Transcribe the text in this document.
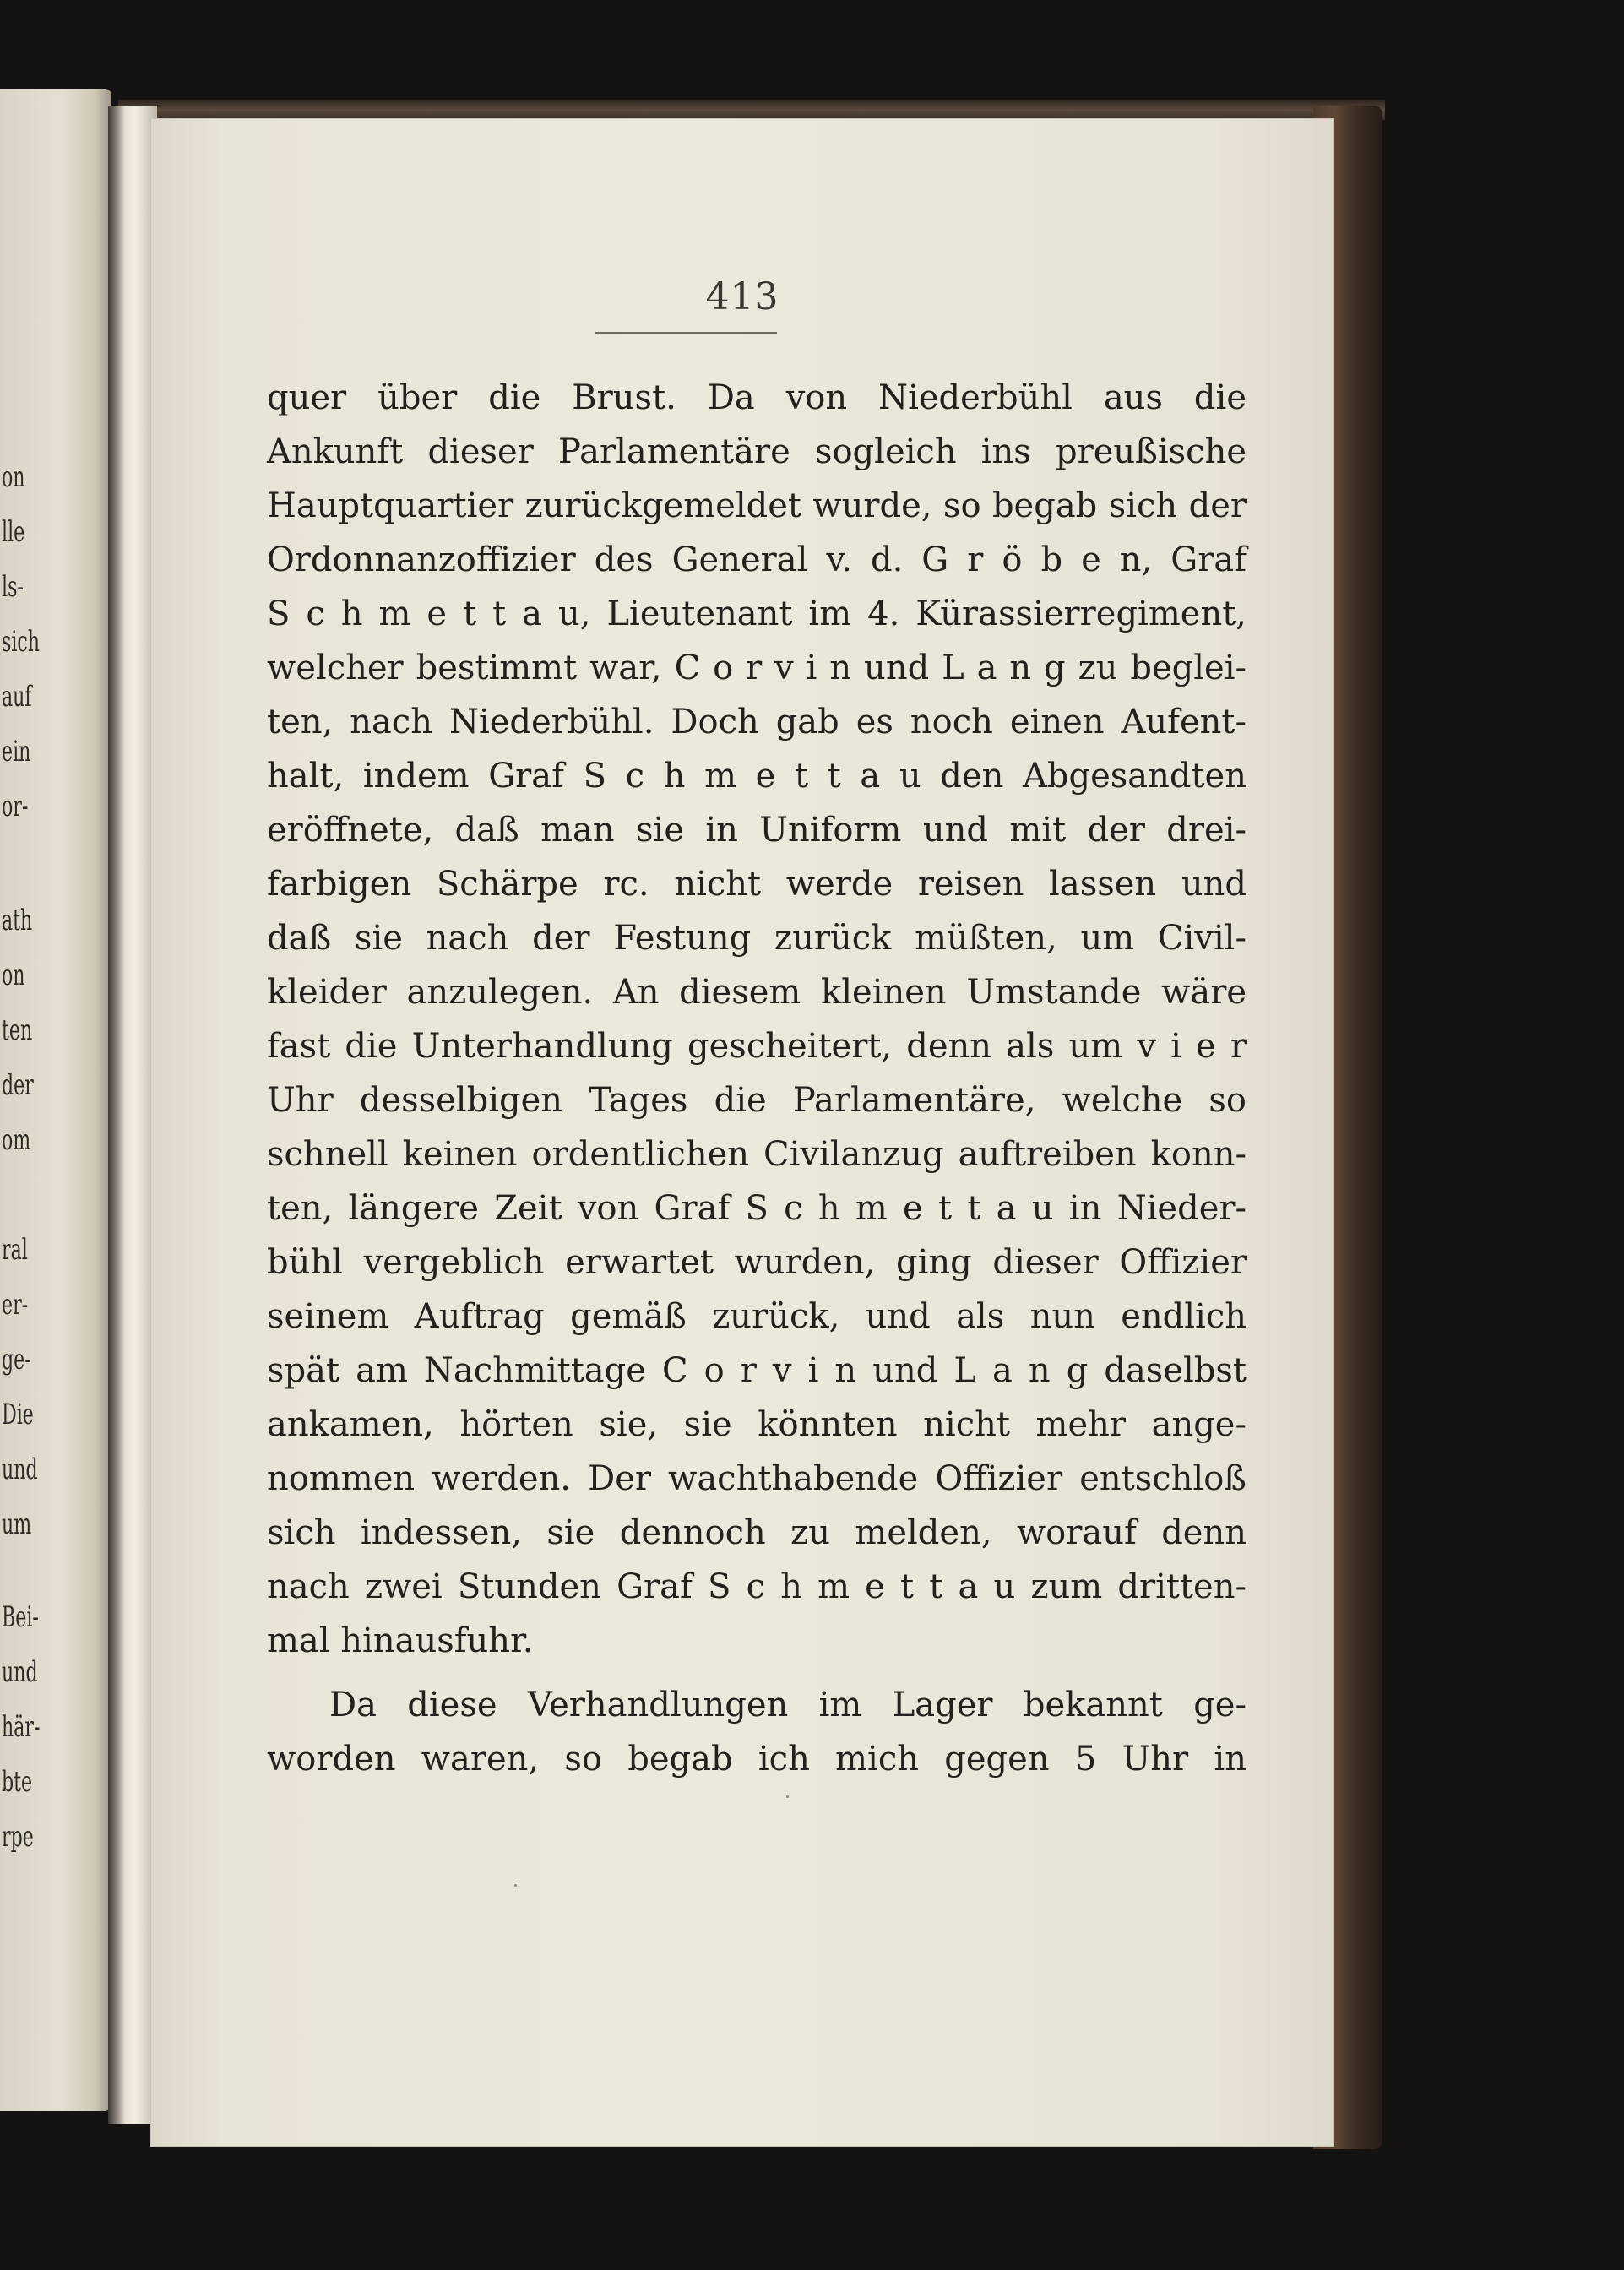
on
lle
ls-
sich
auf
ein
or-
ath
on
ten
der
om
ral
er-
ge-
Die
und
um
Bei-
und
här-
bte
rpe
413
quer über die Brust. Da von Niederbühl aus die
Ankunft dieser Parlamentäre sogleich ins preußische
Hauptquartier zurückgemeldet wurde, so begab sich der
Ordonnanzoffizier des General v. d. G r ö b e n, Graf
S c h m e t t a u, Lieutenant im 4. Kürassierregiment,
welcher bestimmt war, C o r v i n und L a n g zu beglei-
ten, nach Niederbühl. Doch gab es noch einen Aufent-
halt, indem Graf S c h m e t t a u den Abgesandten
eröffnete, daß man sie in Uniform und mit der drei-
farbigen Schärpe rc. nicht werde reisen lassen und
daß sie nach der Festung zurück müßten, um Civil-
kleider anzulegen. An diesem kleinen Umstande wäre
fast die Unterhandlung gescheitert, denn als um v i e r
Uhr desselbigen Tages die Parlamentäre, welche so
schnell keinen ordentlichen Civilanzug auftreiben konn-
ten, längere Zeit von Graf S c h m e t t a u in Nieder-
bühl vergeblich erwartet wurden, ging dieser Offizier
seinem Auftrag gemäß zurück, und als nun endlich
spät am Nachmittage C o r v i n und L a n g daselbst
ankamen, hörten sie, sie könnten nicht mehr ange-
nommen werden. Der wachthabende Offizier entschloß
sich indessen, sie dennoch zu melden, worauf denn
nach zwei Stunden Graf S c h m e t t a u zum dritten-
mal hinausfuhr.
Da diese Verhandlungen im Lager bekannt ge-
worden waren, so begab ich mich gegen 5 Uhr in
